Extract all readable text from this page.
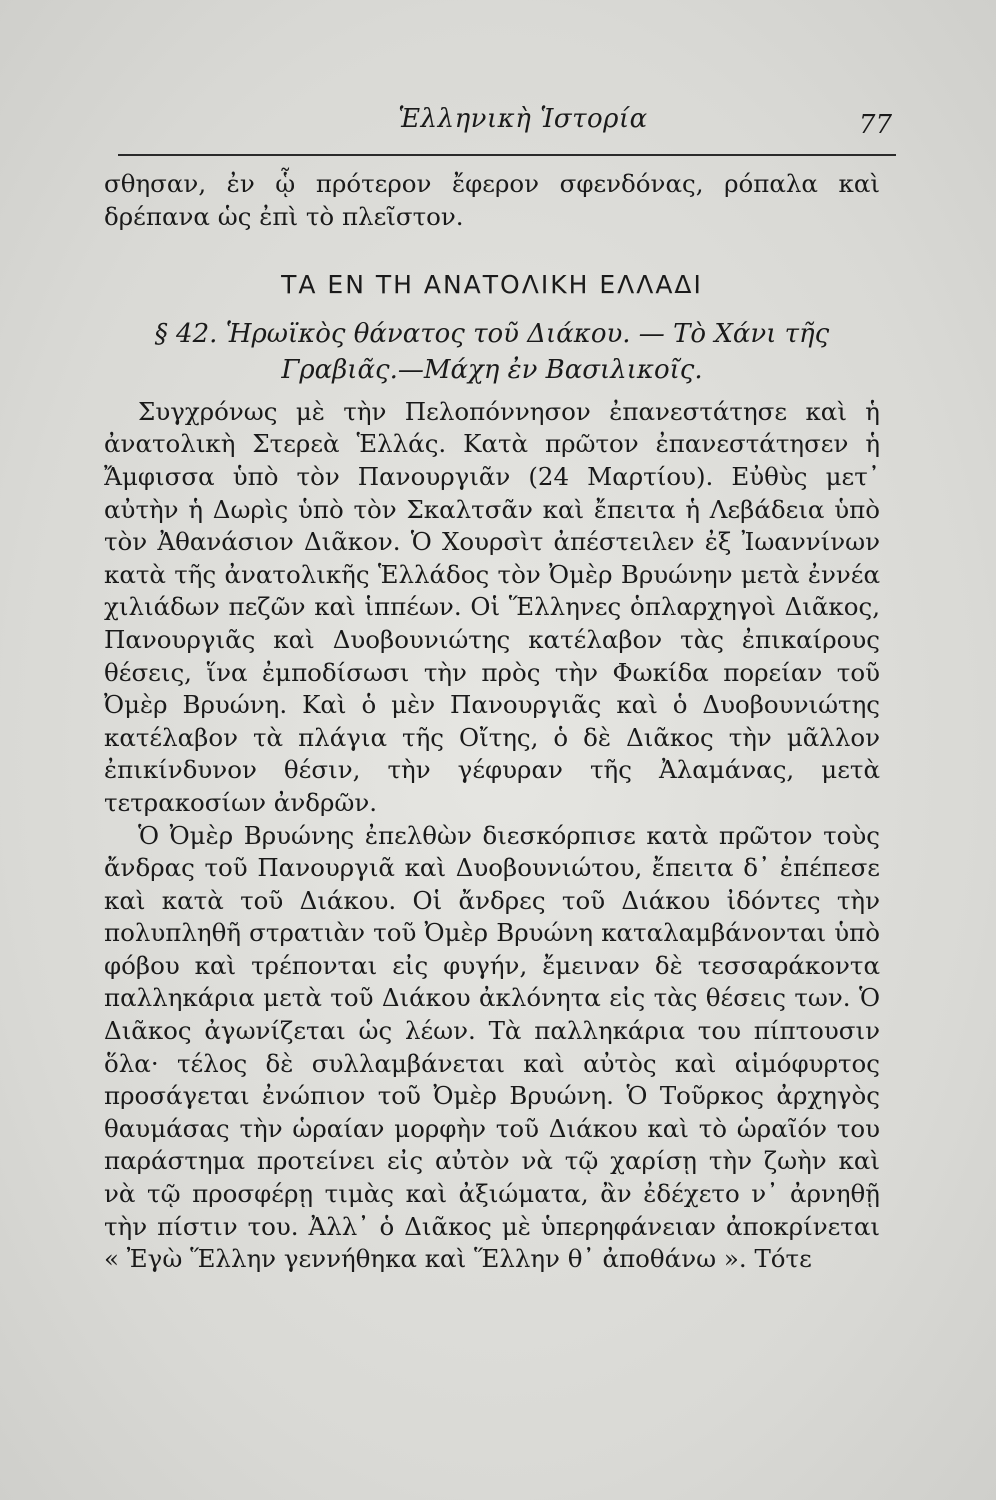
Ἑλληνικὴ Ἱστορία	77

σθησαν, ἐν ᾧ πρότερον ἔφερον σφενδόνας, ρόπαλα καὶ δρέπανα ὡς ἐπὶ τὸ πλεῖστον.

ΤΑ ΕΝ ΤΗ ΑΝΑΤΟΛΙΚΗ ΕΛΛΑΔΙ
§ 42. Ἡρωϊκὸς θάνατος τοῦ Διάκου. — Τὸ Χάνι τῆς Γραβιᾶς.—Μάχη ἐν Βασιλικοῖς.

Συγχρόνως μὲ τὴν Πελοπόννησον ἐπανεστάτησε καὶ ἡ ἀνατολικὴ Στερεὰ Ἑλλάς. Κατὰ πρῶτον ἐπανεστάτησεν ἡ Ἄμφισσα ὑπὸ τὸν Πανουργιᾶν (24 Μαρτίου). Εὐθὺς μετ᾽ αὐτὴν ἡ Δωρὶς ὑπὸ τὸν Σκαλτσᾶν καὶ ἔπειτα ἡ Λεβάδεια ὑπὸ τὸν Ἀθανάσιον Διᾶκον. Ὁ Χουρσὶτ ἀπέστειλεν ἐξ Ἰωαννίνων κατὰ τῆς ἀνατολικῆς Ἑλλάδος τὸν Ὀμὲρ Βρυώνην μετὰ ἐννέα χιλιάδων πεζῶν καὶ ἱππέων. Οἱ Ἕλληνες ὁπλαρχηγοὶ Διᾶκος, Πανουργιᾶς καὶ Δυοβουνιώτης κατέλαβον τὰς ἐπικαίρους θέσεις, ἵνα ἐμποδίσωσι τὴν πρὸς τὴν Φωκίδα πορείαν τοῦ Ὀμὲρ Βρυώνη. Καὶ ὁ μὲν Πανουργιᾶς καὶ ὁ Δυοβουνιώτης κατέλαβον τὰ πλάγια τῆς Οἴτης, ὁ δὲ Διᾶκος τὴν μᾶλλον ἐπικίνδυνον θέσιν, τὴν γέφυραν τῆς Ἀλαμάνας, μετὰ τετρακοσίων ἀνδρῶν.

Ὁ Ὀμὲρ Βρυώνης ἐπελθὼν διεσκόρπισε κατὰ πρῶτον τοὺς ἄνδρας τοῦ Πανουργιᾶ καὶ Δυοβουνιώτου, ἔπειτα δ᾽ ἐπέπεσε καὶ κατὰ τοῦ Διάκου. Οἱ ἄνδρες τοῦ Διάκου ἰδόντες τὴν πολυπληθῆ στρατιὰν τοῦ Ὀμὲρ Βρυώνη καταλαμβάνονται ὑπὸ φόβου καὶ τρέπονται εἰς φυγήν, ἔμειναν δὲ τεσσαράκοντα παλληκάρια μετὰ τοῦ Διάκου ἀκλόνητα εἰς τὰς θέσεις των. Ὁ Διᾶκος ἀγωνίζεται ὡς λέων. Τὰ παλληκάρια του πίπτουσιν ὅλα· τέλος δὲ συλλαμβάνεται καὶ αὐτὸς καὶ αἱμόφυρτος προσάγεται ἐνώπιον τοῦ Ὀμὲρ Βρυώνη. Ὁ Τοῦρκος ἀρχηγὸς θαυμάσας τὴν ὡραίαν μορφὴν τοῦ Διάκου καὶ τὸ ὡραῖόν του παράστημα προτείνει εἰς αὐτὸν νὰ τῷ χαρίσῃ τὴν ζωὴν καὶ νὰ τῷ προσφέρῃ τιμὰς καὶ ἀξιώματα, ἂν ἐδέχετο ν᾽ ἀρνηθῇ τὴν πίστιν του. Ἀλλ᾽ ὁ Διᾶκος μὲ ὑπερηφάνειαν ἀποκρίνεται « Ἐγὼ Ἕλλην γεννήθηκα καὶ Ἕλλην θ᾽ ἀποθάνω ». Τότε
